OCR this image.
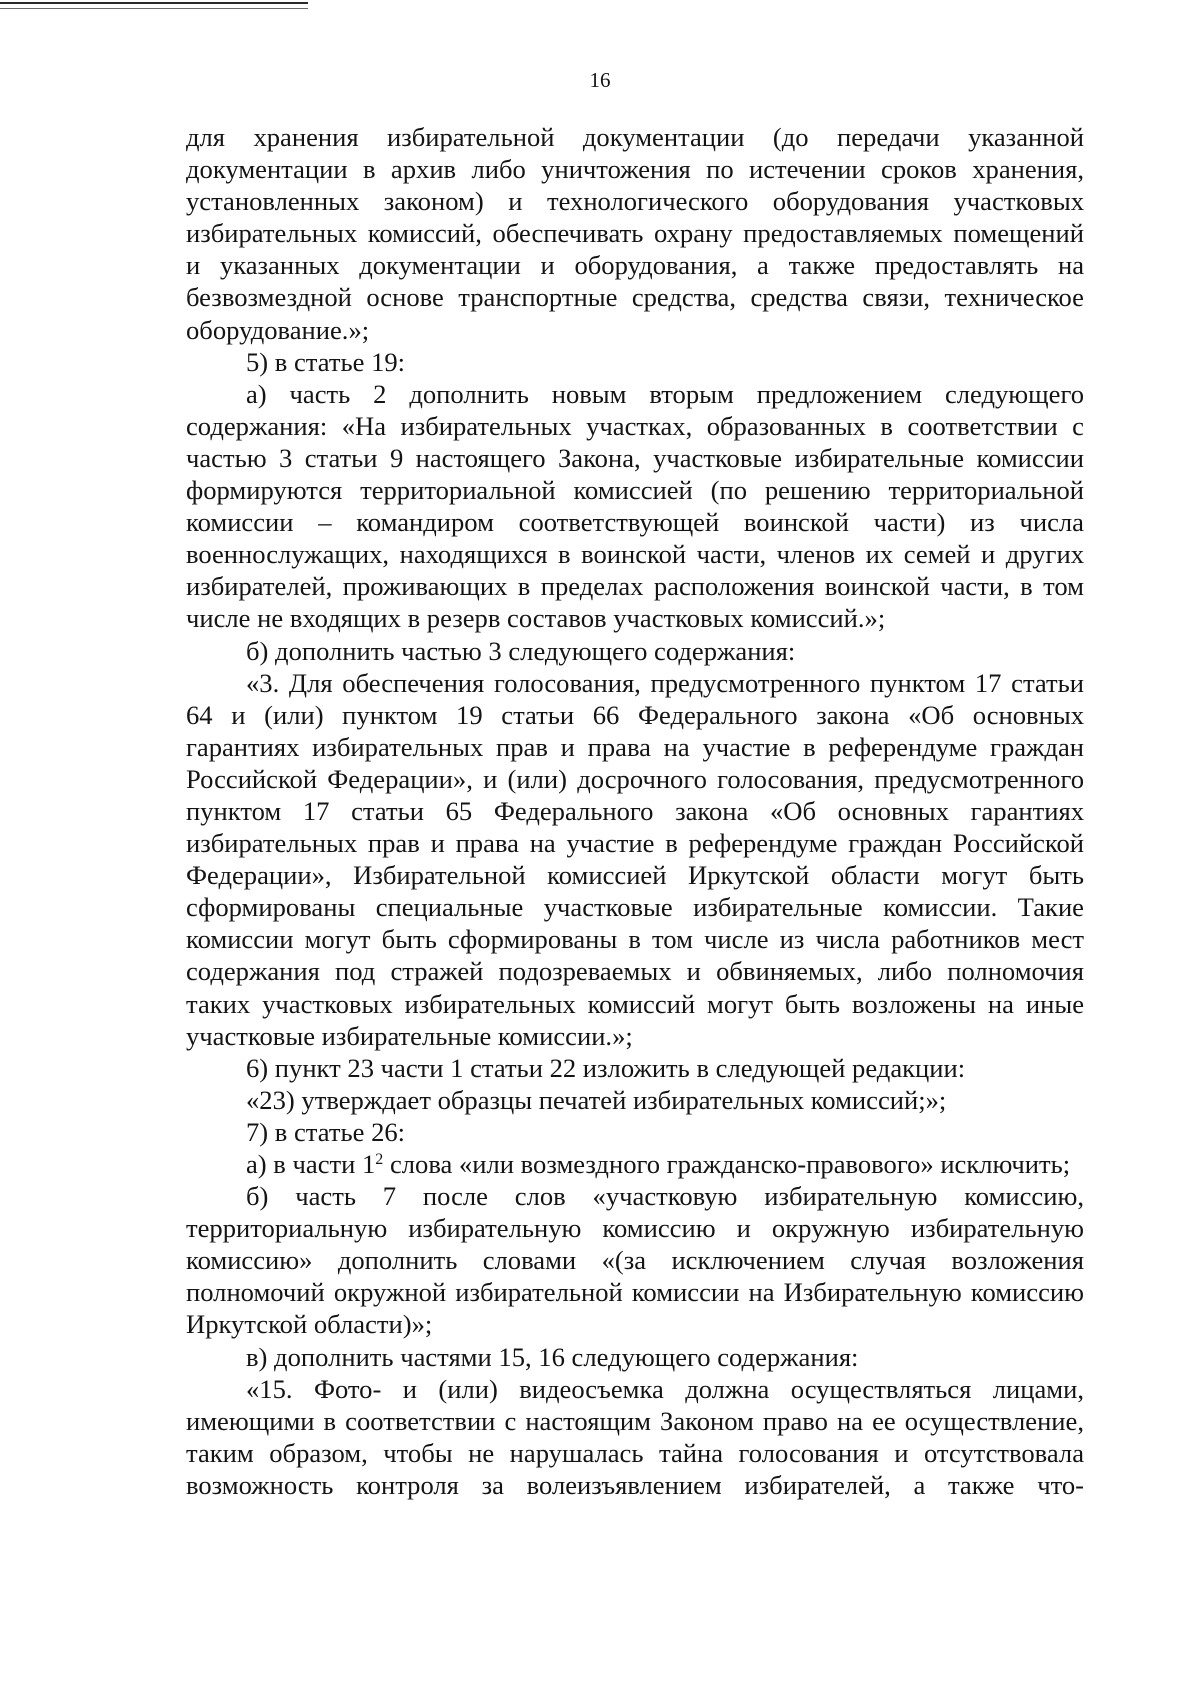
16

для хранения избирательной документации (до передачи указанной документации в архив либо уничтожения по истечении сроков хранения, установленных законом) и технологического оборудования участковых избирательных комиссий, обеспечивать охрану предоставляемых помещений и указанных документации и оборудования, а также предоставлять на безвозмездной основе транспортные средства, средства связи, техническое оборудование.»;

5) в статье 19:

а) часть 2 дополнить новым вторым предложением следующего содержания: «На избирательных участках, образованных в соответствии с частью 3 статьи 9 настоящего Закона, участковые избирательные комиссии формируются территориальной комиссией (по решению территориальной комиссии – командиром соответствующей воинской части) из числа военнослужащих, находящихся в воинской части, членов их семей и других избирателей, проживающих в пределах расположения воинской части, в том числе не входящих в резерв составов участковых комиссий.»;

б) дополнить частью 3 следующего содержания:

«3. Для обеспечения голосования, предусмотренного пунктом 17 статьи 64 и (или) пунктом 19 статьи 66 Федерального закона «Об основных гарантиях избирательных прав и права на участие в референдуме граждан Российской Федерации», и (или) досрочного голосования, предусмотренного пунктом 17 статьи 65 Федерального закона «Об основных гарантиях избирательных прав и права на участие в референдуме граждан Российской Федерации», Избирательной комиссией Иркутской области могут быть сформированы специальные участковые избирательные комиссии. Такие комиссии могут быть сформированы в том числе из числа работников мест содержания под стражей подозреваемых и обвиняемых, либо полномочия таких участковых избирательных комиссий могут быть возложены на иные участковые избирательные комиссии.»;

6) пункт 23 части 1 статьи 22 изложить в следующей редакции:

«23) утверждает образцы печатей избирательных комиссий;»;

7) в статье 26:

а) в части $1^2$ слова «или возмездного гражданско-правового» исключить;

б) часть 7 после слов «участковую избирательную комиссию, территориальную избирательную комиссию и окружную избирательную комиссию» дополнить словами «(за исключением случая возложения полномочий окружной избирательной комиссии на Избирательную комиссию Иркутской области)»;

в) дополнить частями 15, 16 следующего содержания:

«15. Фото- и (или) видеосъемка должна осуществляться лицами, имеющими в соответствии с настоящим Законом право на ее осуществление, таким образом, чтобы не нарушалась тайна голосования и отсутствовала возможность контроля за волеизъявлением избирателей, а также что-
